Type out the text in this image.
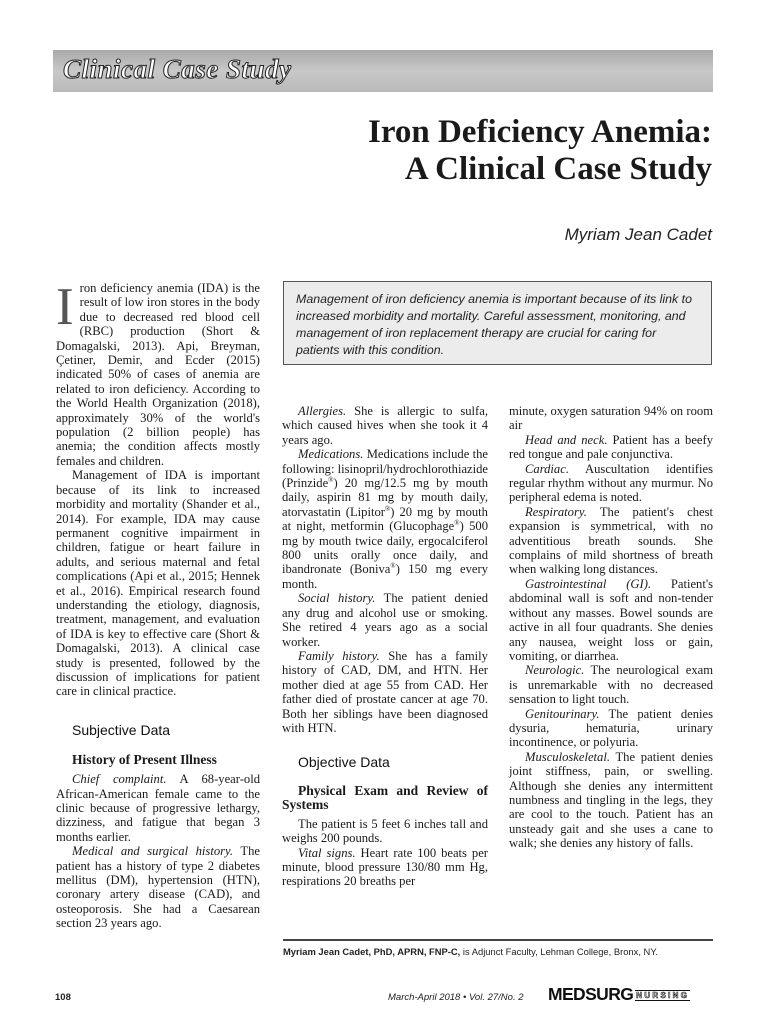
Clinical Case Study
Iron Deficiency Anemia:
A Clinical Case Study
Myriam Jean Cadet
Management of iron deficiency anemia is important because of its link to increased morbidity and mortality. Careful assessment, monitoring, and management of iron replacement therapy are crucial for caring for patients with this condition.

Iron deficiency anemia (IDA) is the result of low iron stores in the body due to decreased red blood cell (RBC) production (Short & Domagalski, 2013). Api, Breyman, Çetiner, Demir, and Ecder (2015) indicated 50% of cases of anemia are related to iron deficiency. According to the World Health Organization (2018), approximately 30% of the world's population (2 billion people) has anemia; the condition affects mostly females and children.

Management of IDA is important because of its link to increased morbidity and mortality (Shander et al., 2014). For example, IDA may cause permanent cognitive impairment in children, fatigue or heart failure in adults, and serious maternal and fetal complications (Api et al., 2015; Hennek et al., 2016). Empirical research found understanding the etiology, diagnosis, treatment, management, and evaluation of IDA is key to effective care (Short & Domagalski, 2013). A clinical case study is presented, followed by the discussion of implications for patient care in clinical practice.

Subjective Data

History of Present Illness

Chief complaint. A 68-year-old African-American female came to the clinic because of progressive lethargy, dizziness, and fatigue that began 3 months earlier.

Medical and surgical history. The patient has a history of type 2 diabetes mellitus (DM), hypertension (HTN), coronary artery disease (CAD), and osteoporosis. She had a Caesarean section 23 years ago.

Allergies. She is allergic to sulfa, which caused hives when she took it 4 years ago.

Medications. Medications include the following: lisinopril/hydrochlorothiazide (Prinzide®) 20 mg/12.5 mg by mouth daily, aspirin 81 mg by mouth daily, atorvastatin (Lipitor®) 20 mg by mouth at night, metformin (Glucophage®) 500 mg by mouth twice daily, ergocalciferol 800 units orally once daily, and ibandronate (Boniva®) 150 mg every month.

Social history. The patient denied any drug and alcohol use or smoking. She retired 4 years ago as a social worker.

Family history. She has a family history of CAD, DM, and HTN. Her mother died at age 55 from CAD. Her father died of prostate cancer at age 70. Both her siblings have been diagnosed with HTN.

Objective Data

Physical Exam and Review of Systems

The patient is 5 feet 6 inches tall and weighs 200 pounds.

Vital signs. Heart rate 100 beats per minute, blood pressure 130/80 mm Hg, respirations 20 breaths per

minute, oxygen saturation 94% on room air

Head and neck. Patient has a beefy red tongue and pale conjunctiva.

Cardiac. Auscultation identifies regular rhythm without any murmur. No peripheral edema is noted.

Respiratory. The patient's chest expansion is symmetrical, with no adventitious breath sounds. She complains of mild shortness of breath when walking long distances.

Gastrointestinal (GI). Patient's abdominal wall is soft and non-tender without any masses. Bowel sounds are active in all four quadrants. She denies any nausea, weight loss or gain, vomiting, or diarrhea.

Neurologic. The neurological exam is unremarkable with no decreased sensation to light touch.

Genitourinary. The patient denies dysuria, hematuria, urinary incontinence, or polyuria.

Musculoskeletal. The patient denies joint stiffness, pain, or swelling. Although she denies any intermittent numbness and tingling in the legs, they are cool to the touch. Patient has an unsteady gait and she uses a cane to walk; she denies any history of falls.

Myriam Jean Cadet, PhD, APRN, FNP-C, is Adjunct Faculty, Lehman College, Bronx, NY.
108	March-April 2018 • Vol. 27/No. 2 MEDSURG NURSING
